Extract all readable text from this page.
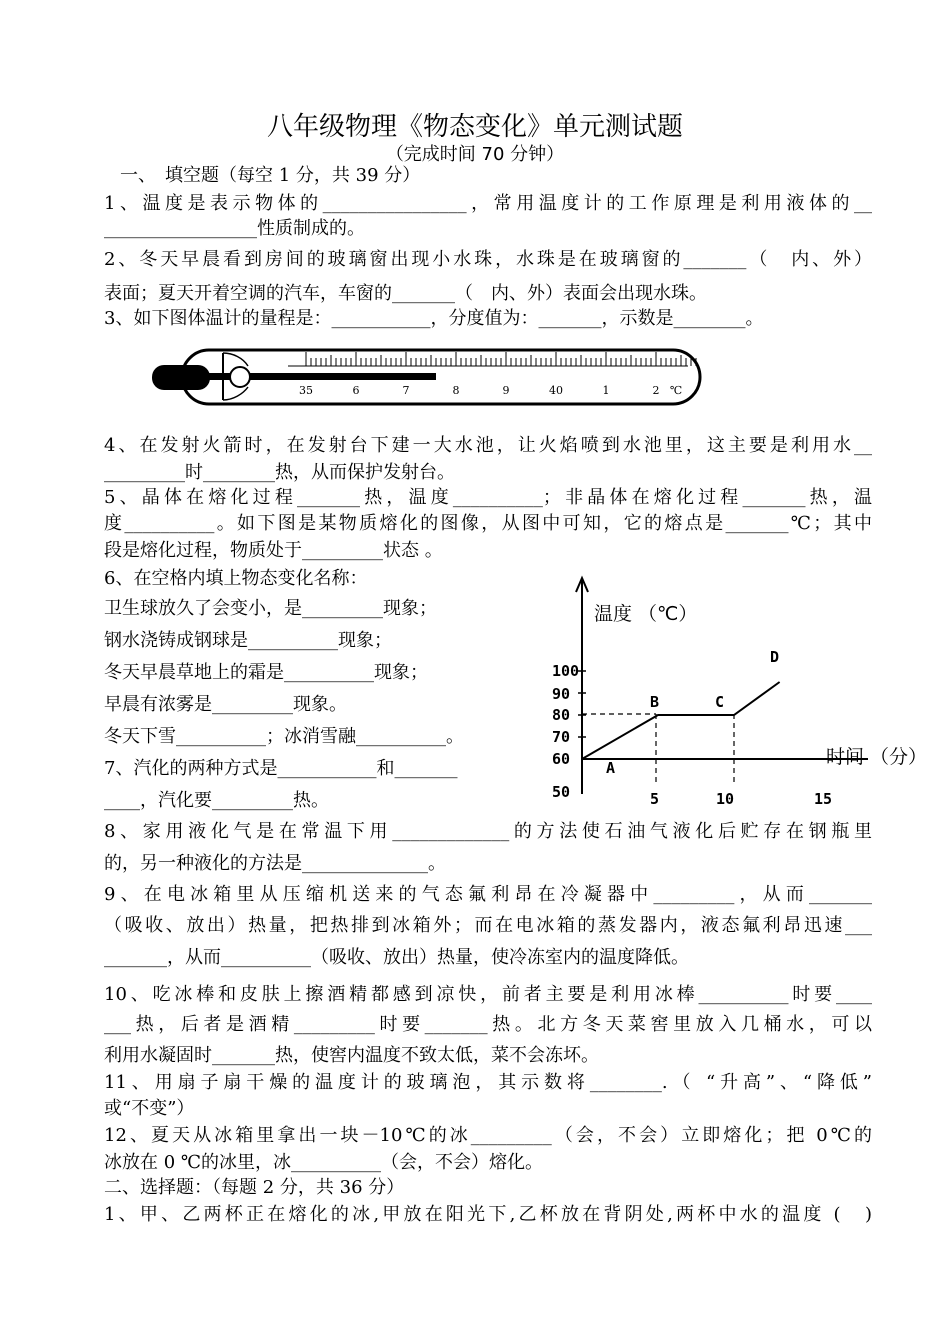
八年级物理《物态变化》单元测试题
（完成时间 70 分钟）
一、　填空题（每空 1 分，共 39 分）
1、温度是表示物体的________________，常用温度计的工作原理是利用液体的__
_________________性质制成的。
2、冬天早晨看到房间的玻璃窗出现小水珠，水珠是在玻璃窗的_______（　内、外）
表面；夏天开着空调的汽车，车窗的_______（　内、外）表面会出现水珠。
3、如下图体温计的量程是：___________，分度值为：_______，示数是________。
35	6	7	8	9	40	1	2 ℃
4、在发射火箭时，在发射台下建一大水池，让火焰喷到水池里，这主要是利用水__
_________时________热，从而保护发射台。
5、晶体在熔化过程_______热，温度__________；非晶体在熔化过程_______热，温
度__________。如下图是某物质熔化的图像，从图中可知，它的熔点是_______℃；其中
段是熔化过程，物质处于_________状态 。
6、在空格内填上物态变化名称：
卫生球放久了会变小，是_________现象；
钢水浇铸成钢球是__________现象；
冬天早晨草地上的霜是__________现象；
早晨有浓雾是_________现象。
冬天下雪__________；冰消雪融__________。
7、汽化的两种方式是___________和_______
____，汽化要_________热。
温度 （℃）
时间 （分）
100
90
80
70
60
50	5	10	15
A
B	C
D
8、家用液化气是在常温下用_____________的方法使石油气液化后贮存在钢瓶里
的，另一种液化的方法是______________。
9、在电冰箱里从压缩机送来的气态氟利昂在冷凝器中_________，从而_______
（吸收、放出）热量，把热排到冰箱外；而在电冰箱的蒸发器内，液态氟利昂迅速___
_______，从而__________（吸收、放出）热量，使冷冻室内的温度降低。
10、吃冰棒和皮肤上擦酒精都感到凉快，前者主要是利用冰棒__________时要____
___热，后者是酒精_________时要_______热。北方冬天菜窖里放入几桶水，可以
利用水凝固时_______热，使窖内温度不致太低，菜不会冻坏。
11、用扇子扇干燥的温度计的玻璃泡，其示数将________.（ “升高”、“降低”
或“不变”）
12、夏天从冰箱里拿出一块－10℃的冰_________（会，不会）立即熔化；把 0℃的
冰放在 0 ℃的冰里，冰__________（会，不会）熔化。
二、选择题：（每题 2 分，共 36 分）
1、甲、乙两杯正在熔化的冰,甲放在阳光下,乙杯放在背阴处,两杯中水的温度 (　)
